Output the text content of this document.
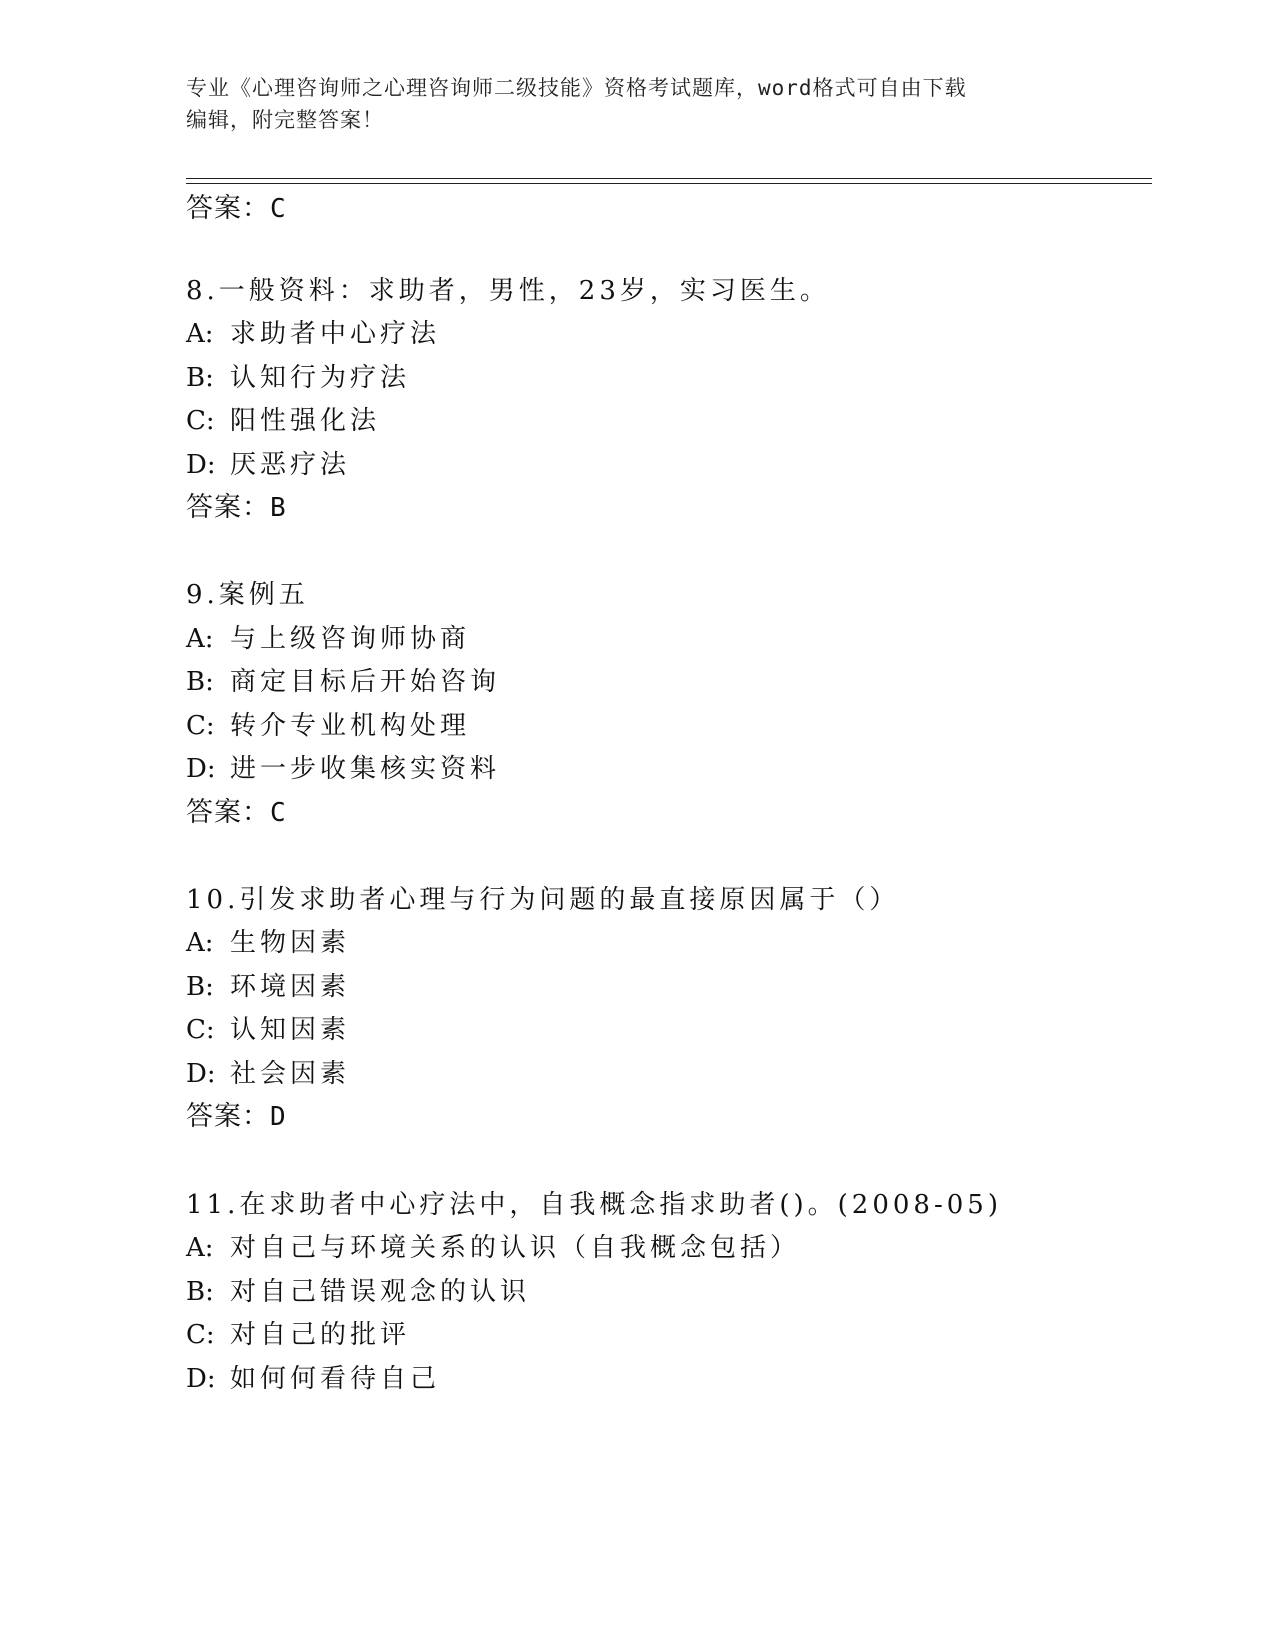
专业《心理咨询师之心理咨询师二级技能》资格考试题库，word格式可自由下载
编辑，附完整答案！
答案：C
8.一般资料：求助者，男性，23岁，实习医生。
A: 求助者中心疗法
B: 认知行为疗法
C: 阳性强化法
D: 厌恶疗法
答案：B
9.案例五
A: 与上级咨询师协商
B: 商定目标后开始咨询
C: 转介专业机构处理
D: 进一步收集核实资料
答案：C
10.引发求助者心理与行为问题的最直接原因属于（）
A: 生物因素
B: 环境因素
C: 认知因素
D: 社会因素
答案：D
11.在求助者中心疗法中，自我概念指求助者()。(2008-05)
A: 对自己与环境关系的认识（自我概念包括）
B: 对自己错误观念的认识
C: 对自己的批评
D: 如何何看待自己
